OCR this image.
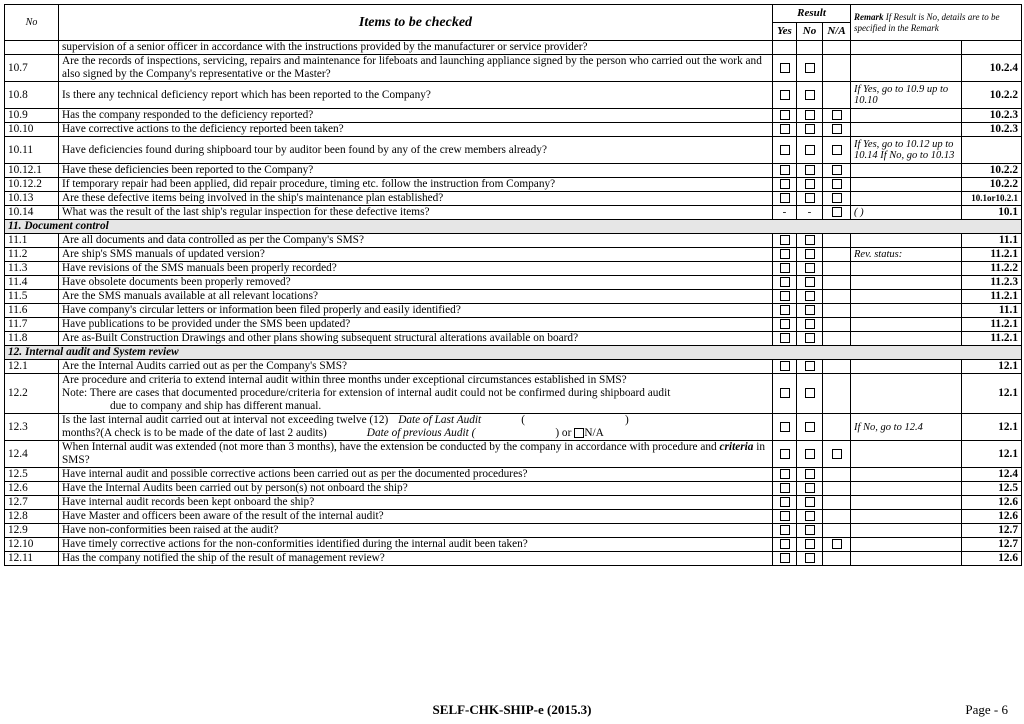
No	Items to be checked	Result			Remark If Result is No, details are to be specified in the Remark	
		Yes	No	N/A		
	supervision of a senior officer in accordance with the instructions provided by the manufacturer or service provider?					
10.7	Are the records of inspections, servicing, repairs and maintenance for lifeboats and launching appliance signed by the person who carried out the work and also signed by the Company's representative or the Master?					10.2.4
10.8	Is there any technical deficiency report which has been reported to the Company?				If Yes, go to 10.9 up to 10.10	10.2.2
10.9	Has the company responded to the deficiency reported?					10.2.3
10.10	Have corrective actions to the deficiency reported been taken?					10.2.3
10.11	Have deficiencies found during shipboard tour by auditor been found by any of the crew members already?				If Yes, go to 10.12 up to 10.14 If No, go to 10.13	
10.12.1	Have these deficiencies been reported to the Company?					10.2.2
10.12.2	If temporary repair had been applied, did repair procedure, timing etc. follow the instruction from Company?					10.2.2
10.13	Are these defective items being involved in the ship's maintenance plan established?					10.1or10.2.1
10.14	What was the result of the last ship's regular inspection for these defective items?	-	-		( )	10.1
11. Document control						
11.1	Are all documents and data controlled as per the Company's SMS?					11.1
11.2	Are ship's SMS manuals of updated version?				Rev. status:	11.2.1
11.3	Have revisions of the SMS manuals been properly recorded?					11.2.2
11.4	Have obsolete documents been properly removed?					11.2.3
11.5	Are the SMS manuals available at all relevant locations?					11.2.1
11.6	Have company's circular letters or information been filed properly and easily identified?					11.1
11.7	Have publications to be provided under the SMS been updated?					11.2.1
11.8	Are as-Built Construction Drawings and other plans showing subsequent structural alterations available on board?					11.2.1
12. Internal audit and System review						
12.1	Are the Internal Audits carried out as per the Company's SMS?					12.1
12.2	Are procedure and criteria to extend internal audit within three months under exceptional circumstances established in SMS?
Note: There are cases that documented procedure/criteria for extension of internal audit could not be confirmed during shipboard audit
due to company and ship has different manual.					12.1
12.3	Is the last internal audit carried out at interval not exceeding twelve (12) Date of Last Audit ( )
months?(A check is to be made of the date of last 2 audits) Date of previous Audit ( ) or N/A				If No, go to 12.4	12.1
12.4	When Internal audit was extended (not more than 3 months), have the extension be conducted by the company in accordance with procedure and criteria in SMS?					12.1
12.5	Have internal audit and possible corrective actions been carried out as per the documented procedures?					12.4
12.6	Have the Internal Audits been carried out by person(s) not onboard the ship?					12.5
12.7	Have internal audit records been kept onboard the ship?					12.6
12.8	Have Master and officers been aware of the result of the internal audit?					12.6
12.9	Have non-conformities been raised at the audit?					12.7
12.10	Have timely corrective actions for the non-conformities identified during the internal audit been taken?					12.7
12.11	Has the company notified the ship of the result of management review?					12.6
SELF-CHK-SHIP-e (2015.3)	Page - 6
